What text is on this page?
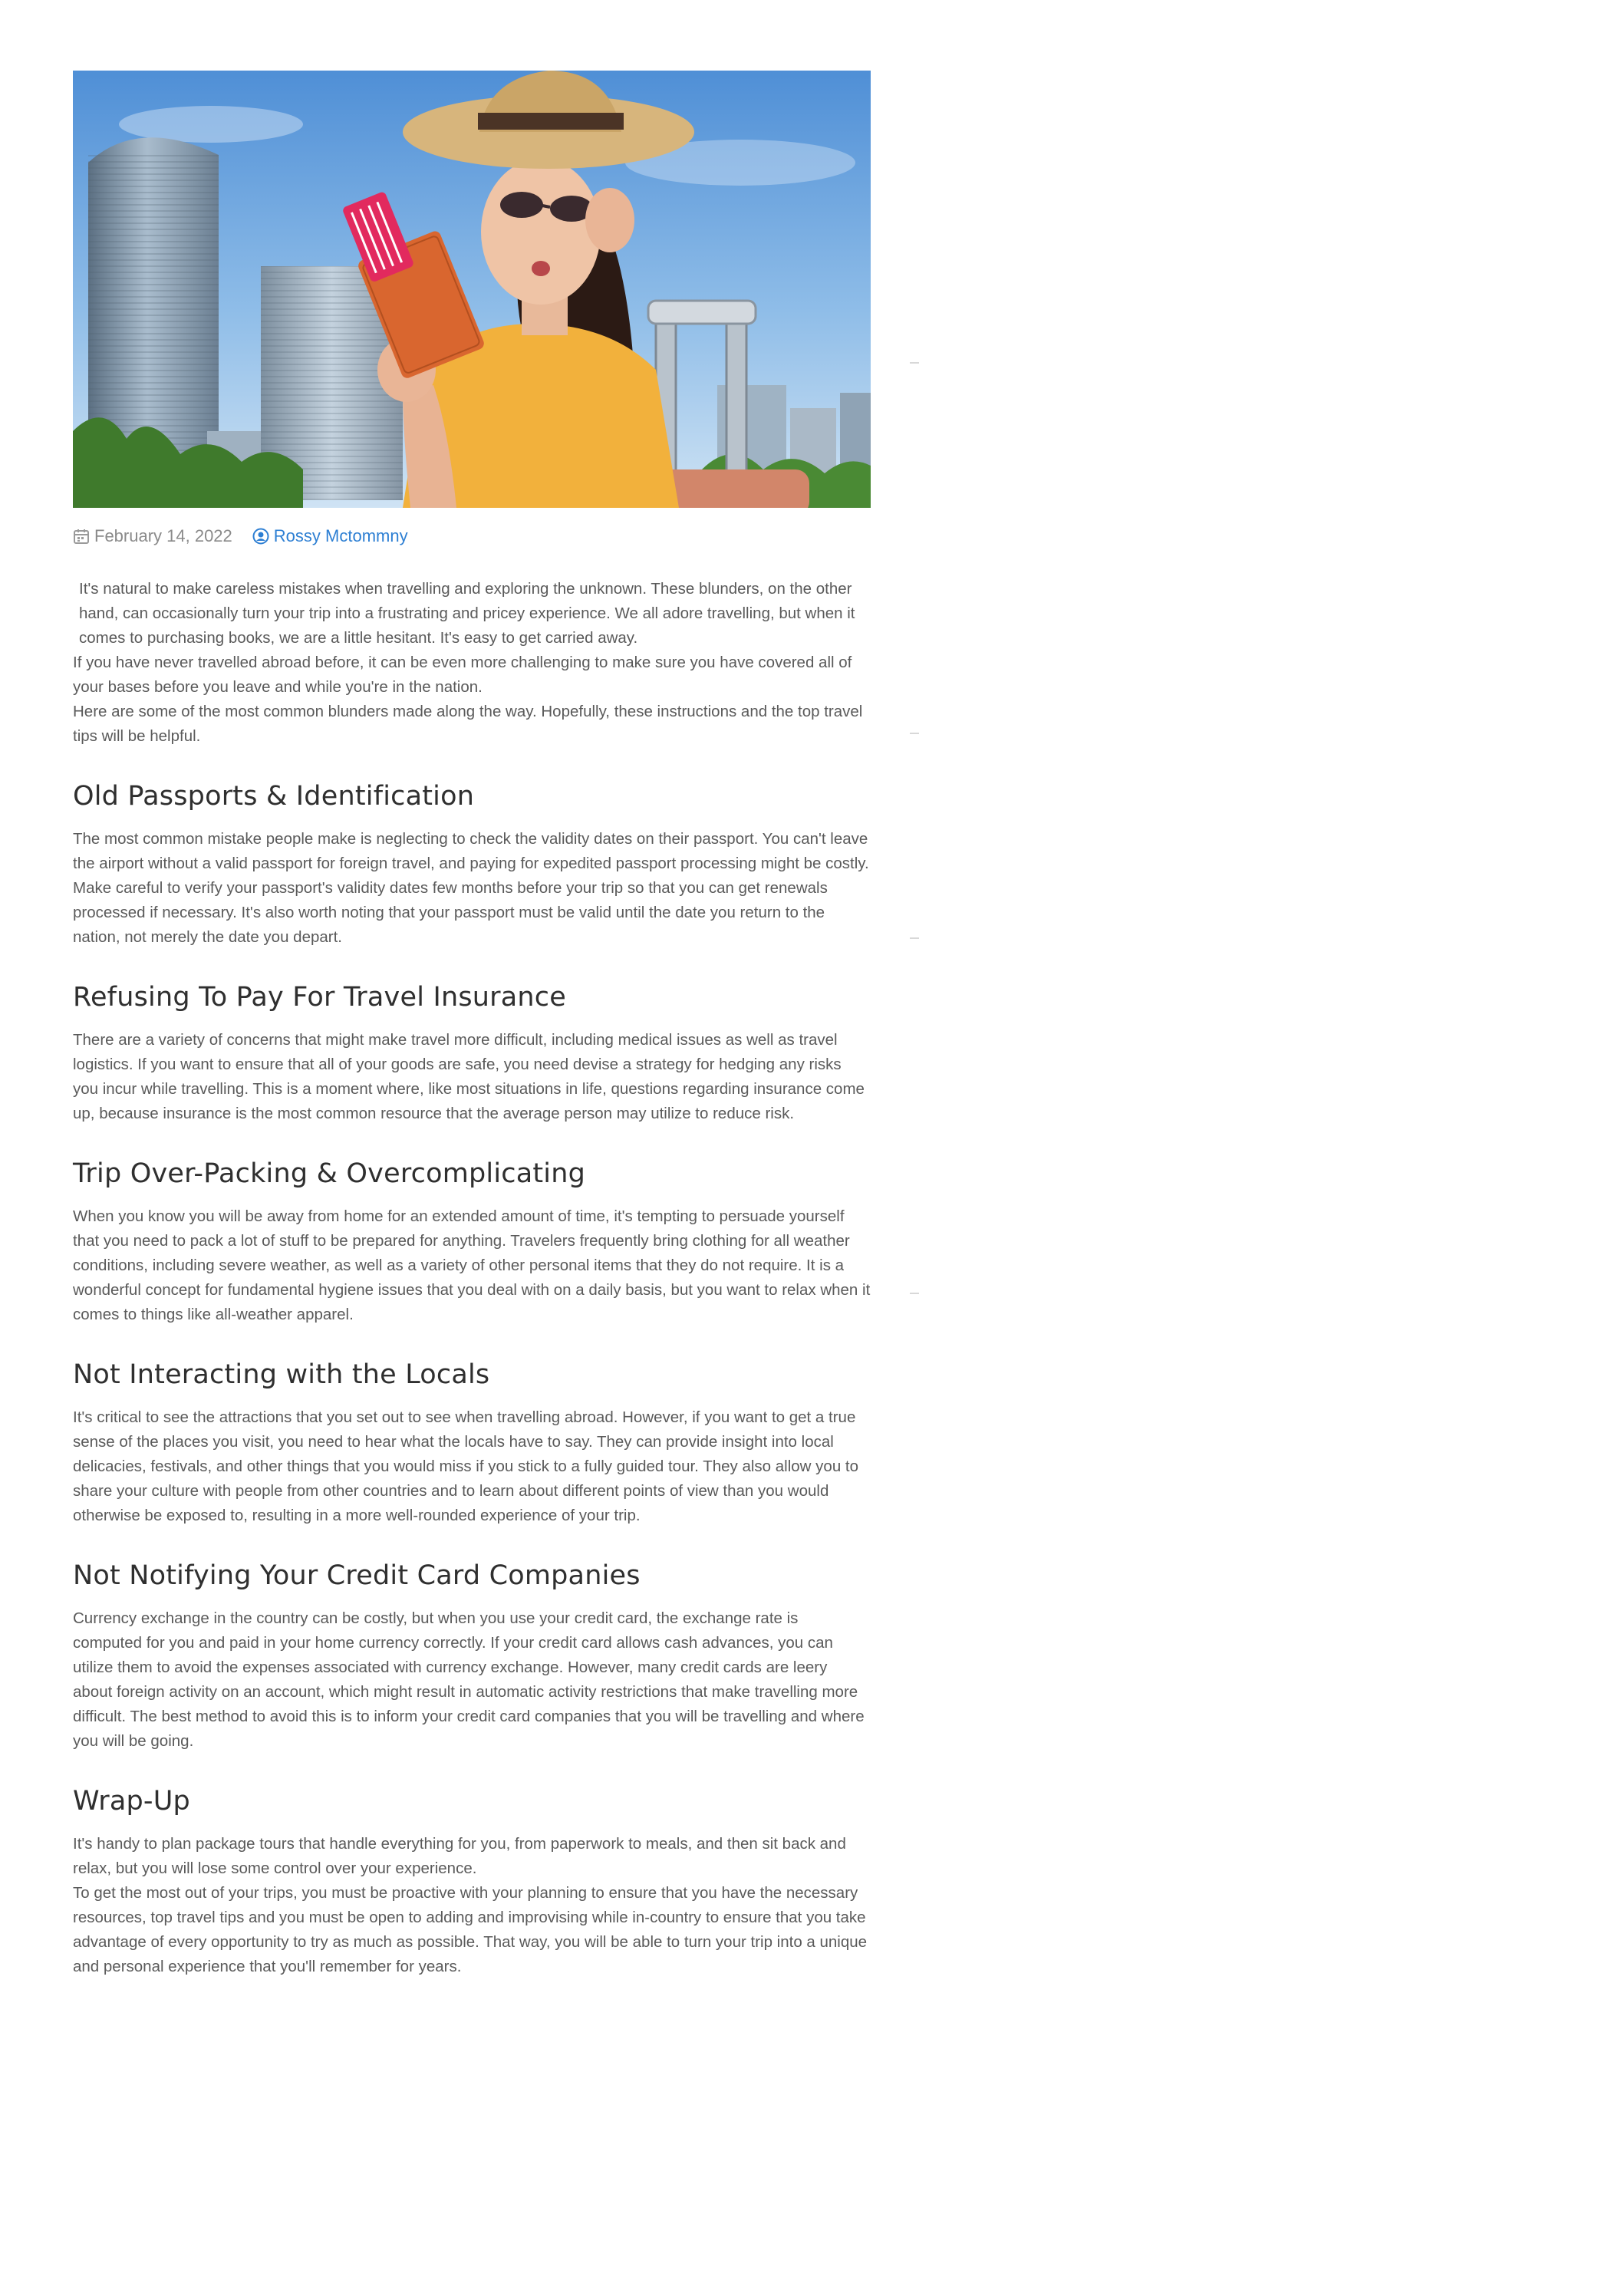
February 14, 2022 Rossy Mctommny

It's natural to make careless mistakes when travelling and exploring the unknown. These blunders, on the other hand, can occasionally turn your trip into a frustrating and pricey experience. We all adore travelling, but when it comes to purchasing books, we are a little hesitant. It's easy to get carried away.

If you have never travelled abroad before, it can be even more challenging to make sure you have covered all of your bases before you leave and while you're in the nation.

Here are some of the most common blunders made along the way. Hopefully, these instructions and the top travel tips will be helpful.

Old Passports & Identification

The most common mistake people make is neglecting to check the validity dates on their passport. You can't leave the airport without a valid passport for foreign travel, and paying for expedited passport processing might be costly. Make careful to verify your passport's validity dates few months before your trip so that you can get renewals processed if necessary. It's also worth noting that your passport must be valid until the date you return to the nation, not merely the date you depart.

Refusing To Pay For Travel Insurance

There are a variety of concerns that might make travel more difficult, including medical issues as well as travel logistics. If you want to ensure that all of your goods are safe, you need devise a strategy for hedging any risks you incur while travelling. This is a moment where, like most situations in life, questions regarding insurance come up, because insurance is the most common resource that the average person may utilize to reduce risk.

Trip Over-Packing & Overcomplicating

When you know you will be away from home for an extended amount of time, it's tempting to persuade yourself that you need to pack a lot of stuff to be prepared for anything. Travelers frequently bring clothing for all weather conditions, including severe weather, as well as a variety of other personal items that they do not require. It is a wonderful concept for fundamental hygiene issues that you deal with on a daily basis, but you want to relax when it comes to things like all-weather apparel.

Not Interacting with the Locals

It's critical to see the attractions that you set out to see when travelling abroad. However, if you want to get a true sense of the places you visit, you need to hear what the locals have to say. They can provide insight into local delicacies, festivals, and other things that you would miss if you stick to a fully guided tour. They also allow you to share your culture with people from other countries and to learn about different points of view than you would otherwise be exposed to, resulting in a more well-rounded experience of your trip.

Not Notifying Your Credit Card Companies

Currency exchange in the country can be costly, but when you use your credit card, the exchange rate is computed for you and paid in your home currency correctly. If your credit card allows cash advances, you can utilize them to avoid the expenses associated with currency exchange. However, many credit cards are leery about foreign activity on an account, which might result in automatic activity restrictions that make travelling more difficult. The best method to avoid this is to inform your credit card companies that you will be travelling and where you will be going.

Wrap-Up

It's handy to plan package tours that handle everything for you, from paperwork to meals, and then sit back and relax, but you will lose some control over your experience.

To get the most out of your trips, you must be proactive with your planning to ensure that you have the necessary resources, top travel tips and you must be open to adding and improvising while in-country to ensure that you take advantage of every opportunity to try as much as possible. That way, you will be able to turn your trip into a unique and personal experience that you'll remember for years.
